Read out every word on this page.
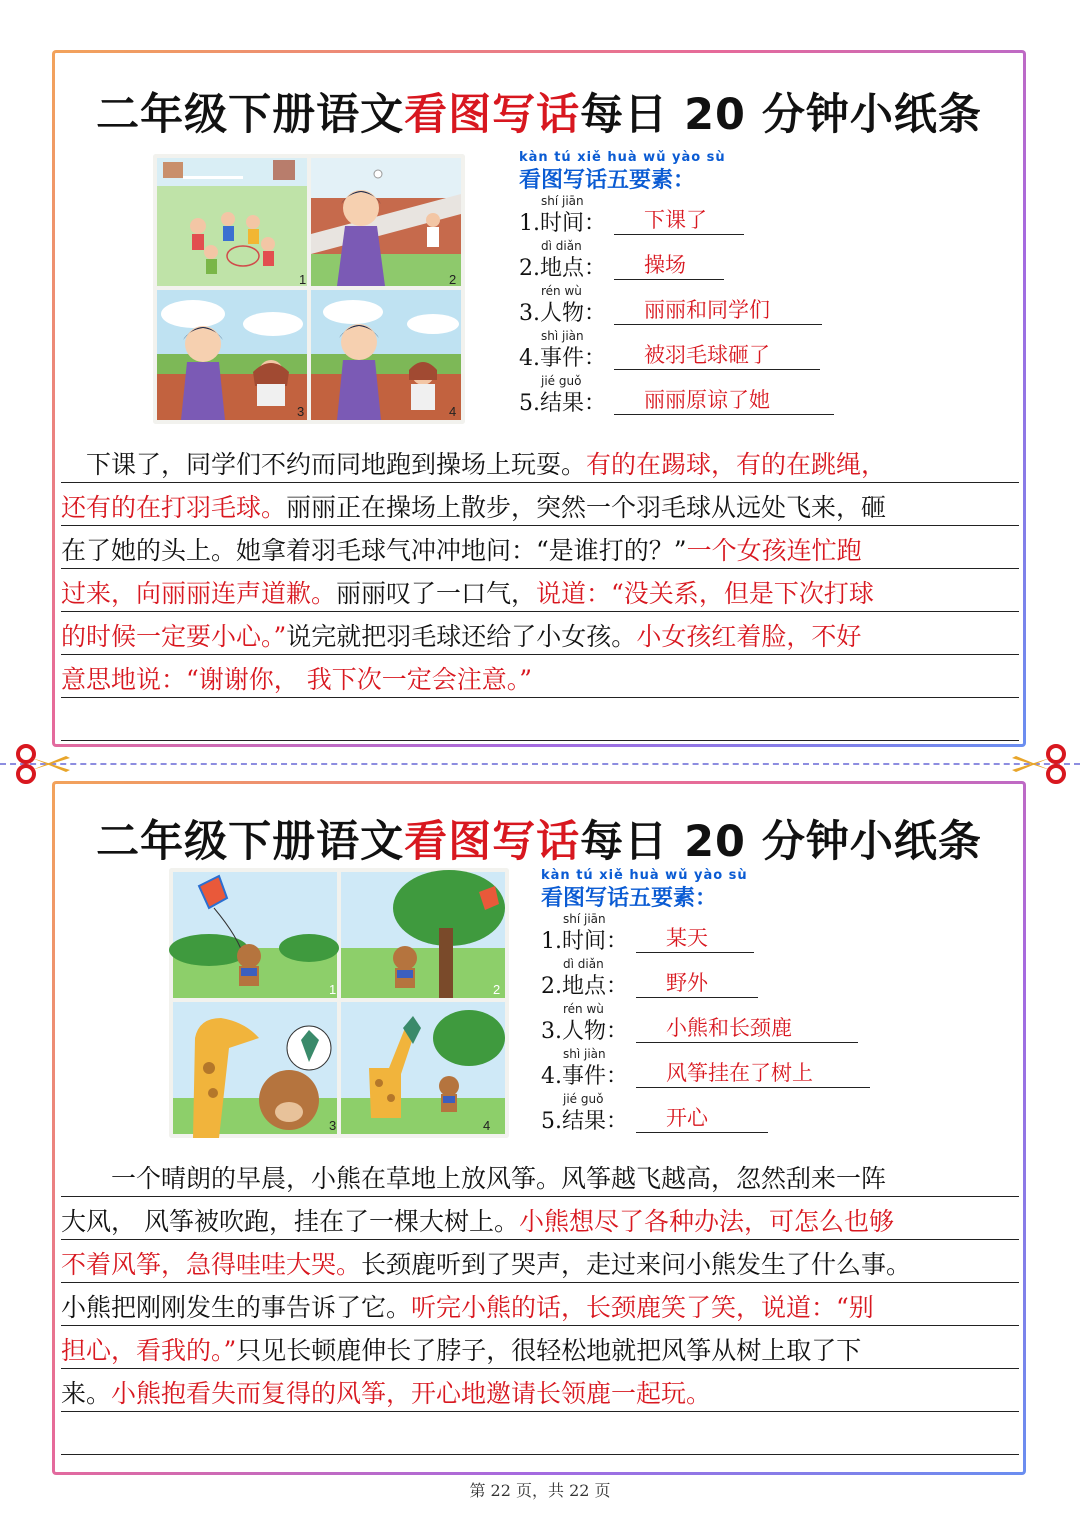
二年级下册语文看图写话每日 20 分钟小纸条
1	2
3	4
kàn tú xiě huà wǔ yào sù
看图写话五要素：
shí jiān
1.时间：	下课了
dì diǎn
2.地点：	操场
rén wù
3.人物：	丽丽和同学们
shì jiàn
4.事件：	被羽毛球砸了
jié guǒ
5.结果：	丽丽原谅了她
　下课了，同学们不约而同地跑到操场上玩耍。有的在踢球，有的在跳绳，
还有的在打羽毛球。丽丽正在操场上散步，突然一个羽毛球从远处飞来，砸
在了她的头上。她拿着羽毛球气冲冲地问：“是谁打的？”一个女孩连忙跑
过来，向丽丽连声道歉。丽丽叹了一口气，说道：“没关系，但是下次打球
的时候一定要小心。”说完就把羽毛球还给了小女孩。小女孩红着脸，不好
意思地说：“谢谢你， 我下次一定会注意。”
二年级下册语文看图写话每日 20 分钟小纸条
1	2
3	4
kàn tú xiě huà wǔ yào sù
看图写话五要素：
shí jiān
1.时间：	某天
dì diǎn
2.地点：	野外
rén wù
3.人物：	小熊和长颈鹿
shì jiàn
4.事件：	风筝挂在了树上
jié guǒ
5.结果：	开心
　　一个晴朗的早晨，小熊在草地上放风筝。风筝越飞越高，忽然刮来一阵
大风， 风筝被吹跑，挂在了一棵大树上。小熊想尽了各种办法，可怎么也够
不着风筝，急得哇哇大哭。长颈鹿听到了哭声，走过来问小熊发生了什么事。
小熊把刚刚发生的事告诉了它。听完小熊的话，长颈鹿笑了笑，说道：“别
担心，看我的。”只见长顿鹿伸长了脖子，很轻松地就把风筝从树上取了下
来。小熊抱看失而复得的风筝，开心地邀请长领鹿一起玩。
第 22 页，共 22 页
